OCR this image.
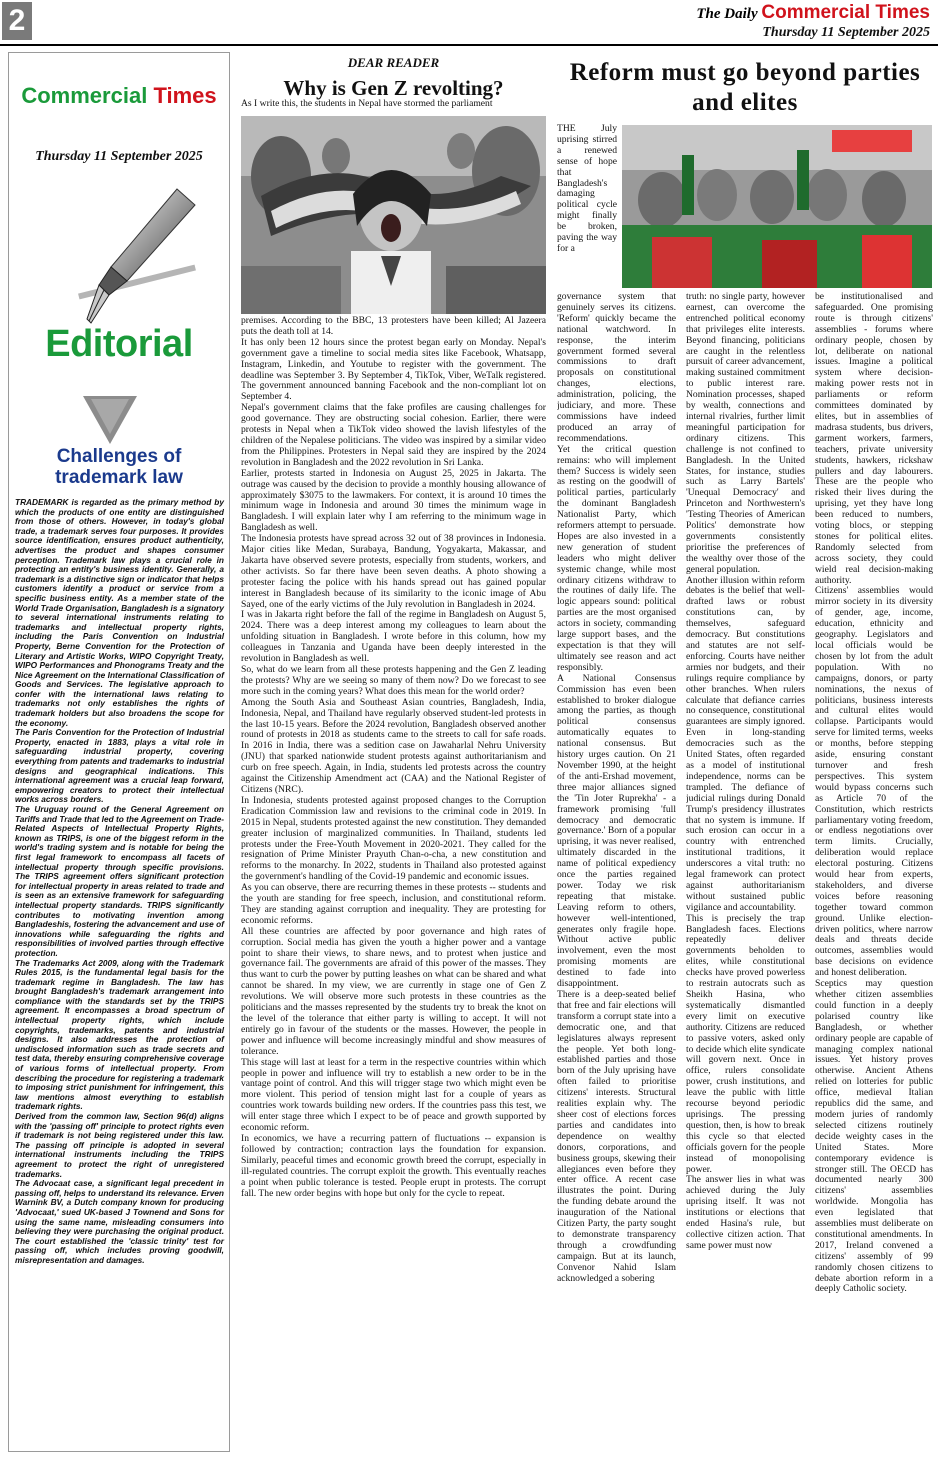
2	The Daily Commercial Times
Thursday 11 September 2025
Commercial Times
Thursday 11 September 2025
Editorial
Challenges of trademark law

TRADEMARK is regarded as the primary method by which the products of one entity are distinguished from those of others. However, in today's global trade, a trademark serves four purposes. It provides source identification, ensures product authenticity, advertises the product and shapes consumer perception. Trademark law plays a crucial role in protecting an entity's business identity. Generally, a trademark is a distinctive sign or indicator that helps customers identify a product or service from a specific business entity. As a member state of the World Trade Organisation, Bangladesh is a signatory to several international instruments relating to trademarks and intellectual property rights, including the Paris Convention on Industrial Property, Berne Convention for the Protection of Literary and Artistic Works, WIPO Copyright Treaty, WIPO Performances and Phonograms Treaty and the Nice Agreement on the International Classification of Goods and Services. The legislative approach to confer with the international laws relating to trademarks not only establishes the rights of trademark holders but also broadens the scope for the economy.

The Paris Convention for the Protection of Industrial Property, enacted in 1883, plays a vital role in safeguarding industrial property, covering everything from patents and trademarks to industrial designs and geographical indications. This international agreement was a crucial leap forward, empowering creators to protect their intellectual works across borders.

The Uruguay round of the General Agreement on Tariffs and Trade that led to the Agreement on Trade-Related Aspects of Intellectual Property Rights, known as TRIPS, is one of the biggest reform in the world's trading system and is notable for being the first legal framework to encompass all facets of intellectual property through specific provisions. The TRIPS agreement offers significant protection for intellectual property in areas related to trade and is seen as an extensive framework for safeguarding intellectual property standards. TRIPS significantly contributes to motivating invention among Bangladeshis, fostering the advancement and use of innovations while safeguarding the rights and responsibilities of involved parties through effective protection.

The Trademarks Act 2009, along with the Trademark Rules 2015, is the fundamental legal basis for the trademark regime in Bangladesh. The law has brought Bangladesh's trademark arrangement into compliance with the standards set by the TRIPS agreement. It encompasses a broad spectrum of intellectual property rights, which include copyrights, trademarks, patents and industrial designs. It also addresses the protection of undisclosed information such as trade secrets and test data, thereby ensuring comprehensive coverage of various forms of intellectual property. From describing the procedure for registering a trademark to imposing strict punishment for infringement, this law mentions almost everything to establish trademark rights.

Derived from the common law, Section 96(d) aligns with the 'passing off' principle to protect rights even if trademark is not being registered under this law. The passing off principle is adopted in several international instruments including the TRIPS agreement to protect the right of unregistered trademarks.

The Advocaat case, a significant legal precedent in passing off, helps to understand its relevance. Erven Warnink BV, a Dutch company known for producing 'Advocaat,' sued UK-based J Townend and Sons for using the same name, misleading consumers into believing they were purchasing the original product. The court established the 'classic trinity' test for passing off, which includes proving goodwill, misrepresentation and damages.

DEAR READER
Why is Gen Z revolting?
As I write this, the students in Nepal have stormed the parliament

premises. According to the BBC, 13 protesters have been killed; Al Jazeera puts the death toll at 14.

It has only been 12 hours since the protest began early on Monday. Nepal's government gave a timeline to social media sites like Facebook, Whatsapp, Instagram, Linkedin, and Youtube to register with the government. The deadline was September 3. By September 4, TikTok, Viber, WeTalk registered. The government announced banning Facebook and the non-compliant lot on September 4.

Nepal's government claims that the fake profiles are causing challenges for good governance. They are obstructing social cohesion. Earlier, there were protests in Nepal when a TikTok video showed the lavish lifestyles of the children of the Nepalese politicians. The video was inspired by a similar video from the Philippines. Protesters in Nepal said they are inspired by the 2024 revolution in Bangladesh and the 2022 revolution in Sri Lanka.

Earlier, protests started in Indonesia on August 25, 2025 in Jakarta. The outrage was caused by the decision to provide a monthly housing allowance of approximately $3075 to the lawmakers. For context, it is around 10 times the minimum wage in Indonesia and around 30 times the minimum wage in Bangladesh. I will explain later why I am referring to the minimum wage in Bangladesh as well.

The Indonesia protests have spread across 32 out of 38 provinces in Indonesia. Major cities like Medan, Surabaya, Bandung, Yogyakarta, Makassar, and Jakarta have observed severe protests, especially from students, workers, and other activists. So far there have been seven deaths. A photo showing a protester facing the police with his hands spread out has gained popular interest in Bangladesh because of its similarity to the iconic image of Abu Sayed, one of the early victims of the July revolution in Bangladesh in 2024.

I was in Jakarta right before the fall of the regime in Bangladesh on August 5, 2024. There was a deep interest among my colleagues to learn about the unfolding situation in Bangladesh. I wrote before in this column, how my colleagues in Tanzania and Uganda have been deeply interested in the revolution in Bangladesh as well.

So, what do we learn from all these protests happening and the Gen Z leading the protests? Why are we seeing so many of them now? Do we forecast to see more such in the coming years? What does this mean for the world order?

Among the South Asia and Southeast Asian countries, Bangladesh, India, Indonesia, Nepal, and Thailand have regularly observed student-led protests in the last 10-15 years. Before the 2024 revolution, Bangladesh observed another round of protests in 2018 as students came to the streets to call for safe roads. In 2016 in India, there was a sedition case on Jawaharlal Nehru University (JNU) that sparked nationwide student protests against authoritarianism and curb on free speech. Again, in India, students led protests across the country against the Citizenship Amendment act (CAA) and the National Register of Citizens (NRC).

In Indonesia, students protested against proposed changes to the Corruption Eradication Commission law and revisions to the criminal code in 2019. In 2015 in Nepal, students protested against the new constitution. They demanded greater inclusion of marginalized communities. In Thailand, students led protests under the Free-Youth Movement in 2020-2021. They called for the resignation of Prime Minister Prayuth Chan-o-cha, a new constitution and reforms to the monarchy. In 2022, students in Thailand also protested against the government's handling of the Covid-19 pandemic and economic issues.

As you can observe, there are recurring themes in these protests -- students and the youth are standing for free speech, inclusion, and constitutional reform. They are standing against corruption and inequality. They are protesting for economic reforms.

All these countries are affected by poor governance and high rates of corruption. Social media has given the youth a higher power and a vantage point to share their views, to share news, and to protest when justice and governance fail. The governments are afraid of this power of the masses. They thus want to curb the power by putting leashes on what can be shared and what cannot be shared. In my view, we are currently in stage one of Gen Z revolutions. We will observe more such protests in these countries as the politicians and the masses represented by the students try to break the knot on the level of the tolerance that either party is willing to accept. It will not entirely go in favour of the students or the masses. However, the people in power and influence will become increasingly mindful and show measures of tolerance.

This stage will last at least for a term in the respective countries within which people in power and influence will try to establish a new order to be in the vantage point of control. And this will trigger stage two which might even be more violent. This period of tension might last for a couple of years as countries work towards building new orders. If the countries pass this test, we will enter stage three which I expect to be of peace and growth supported by economic reform.

In economics, we have a recurring pattern of fluctuations -- expansion is followed by contraction; contraction lays the foundation for expansion. Similarly, peaceful times and economic growth breed the corrupt, especially in ill-regulated countries. The corrupt exploit the growth. This eventually reaches a point when public tolerance is tested. People erupt in protests. The corrupt fall. The new order begins with hope but only for the cycle to repeat.

Reform must go beyond parties and elites

THE July uprising stirred a renewed sense of hope that Bangladesh's damaging political cycle might finally be broken, paving the way for a

governance system that genuinely serves its citizens. 'Reform' quickly became the national watchword. In response, the interim government formed several commissions to draft proposals on constitutional changes, elections, administration, policing, the judiciary, and more. These commissions have indeed produced an array of recommendations.

Yet the critical question remains: who will implement them? Success is widely seen as resting on the goodwill of political parties, particularly the dominant Bangladesh Nationalist Party, which reformers attempt to persuade. Hopes are also invested in a new generation of student leaders who might deliver systemic change, while most ordinary citizens withdraw to the routines of daily life. The logic appears sound: political parties are the most organised actors in society, commanding large support bases, and the expectation is that they will ultimately see reason and act responsibly.

A National Consensus Commission has even been established to broker dialogue among the parties, as though political consensus automatically equates to national consensus. But history urges caution. On 21 November 1990, at the height of the anti-Ershad movement, three major alliances signed the 'Tin Joter Ruprekha' - a framework promising 'full democracy and democratic governance.' Born of a popular uprising, it was never realised, ultimately discarded in the name of political expediency once the parties regained power. Today we risk repeating that mistake. Leaving reform to others, however well-intentioned, generates only fragile hope. Without active public involvement, even the most promising moments are destined to fade into disappointment.

There is a deep-seated belief that free and fair elections will transform a corrupt state into a democratic one, and that legislatures always represent the people. Yet both long-established parties and those born of the July uprising have often failed to prioritise citizens' interests. Structural realities explain why. The sheer cost of elections forces parties and candidates into dependence on wealthy donors, corporations, and business groups, skewing their allegiances even before they enter office. A recent case illustrates the point. During the funding debate around the inauguration of the National Citizen Party, the party sought to demonstrate transparency through a crowdfunding campaign. But at its launch, Convenor Nahid Islam acknowledged a sobering

truth: no single party, however earnest, can overcome the entrenched political economy that privileges elite interests. Beyond financing, politicians are caught in the relentless pursuit of career advancement, making sustained commitment to public interest rare. Nomination processes, shaped by wealth, connections and internal rivalries, further limit meaningful participation for ordinary citizens. This challenge is not confined to Bangladesh. In the United States, for instance, studies such as Larry Bartels' 'Unequal Democracy' and Princeton and Northwestern's 'Testing Theories of American Politics' demonstrate how governments consistently prioritise the preferences of the wealthy over those of the general population.

Another illusion within reform debates is the belief that well-drafted laws or robust constitutions can, by themselves, safeguard democracy. But constitutions and statutes are not self-enforcing. Courts have neither armies nor budgets, and their rulings require compliance by other branches. When rulers calculate that defiance carries no consequence, constitutional guarantees are simply ignored. Even in long-standing democracies such as the United States, often regarded as a model of institutional independence, norms can be trampled. The defiance of judicial rulings during Donald Trump's presidency illustrates that no system is immune. If such erosion can occur in a country with entrenched institutional traditions, it underscores a vital truth: no legal framework can protect against authoritarianism without sustained public vigilance and accountability.

This is precisely the trap Bangladesh faces. Elections repeatedly deliver governments beholden to elites, while constitutional checks have proved powerless to restrain autocrats such as Sheikh Hasina, who systematically dismantled every limit on executive authority. Citizens are reduced to passive voters, asked only to decide which elite syndicate will govern next. Once in office, rulers consolidate power, crush institutions, and leave the public with little recourse beyond periodic uprisings. The pressing question, then, is how to break this cycle so that elected officials govern for the people instead of monopolising power.

The answer lies in what was achieved during the July uprising itself. It was not institutions or elections that ended Hasina's rule, but collective citizen action. That same power must now

be institutionalised and safeguarded. One promising route is through citizens' assemblies - forums where ordinary people, chosen by lot, deliberate on national issues. Imagine a political system where decision-making power rests not in parliaments or reform committees dominated by elites, but in assemblies of madrasa students, bus drivers, garment workers, farmers, teachers, private university students, hawkers, rickshaw pullers and day labourers. These are the people who risked their lives during the uprising, yet they have long been reduced to numbers, voting blocs, or stepping stones for political elites. Randomly selected from across society, they could wield real decision-making authority.

Citizens' assemblies would mirror society in its diversity of gender, age, income, education, ethnicity and geography. Legislators and local officials would be chosen by lot from the adult population. With no campaigns, donors, or party nominations, the nexus of politicians, business interests and cultural elites would collapse. Participants would serve for limited terms, weeks or months, before stepping aside, ensuring constant turnover and fresh perspectives. This system would bypass concerns such as Article 70 of the Constitution, which restricts parliamentary voting freedom, or endless negotiations over term limits. Crucially, deliberation would replace electoral posturing. Citizens would hear from experts, stakeholders, and diverse voices before reasoning together toward common ground. Unlike election-driven politics, where narrow deals and threats decide outcomes, assemblies would base decisions on evidence and honest deliberation.

Sceptics may question whether citizen assemblies could function in a deeply polarised country like Bangladesh, or whether ordinary people are capable of managing complex national issues. Yet history proves otherwise. Ancient Athens relied on lotteries for public office, medieval Italian republics did the same, and modern juries of randomly selected citizens routinely decide weighty cases in the United States. More contemporary evidence is stronger still. The OECD has documented nearly 300 citizens' assemblies worldwide. Mongolia has even legislated that assemblies must deliberate on constitutional amendments. In 2017, Ireland convened a citizens' assembly of 99 randomly chosen citizens to debate abortion reform in a deeply Catholic society.
